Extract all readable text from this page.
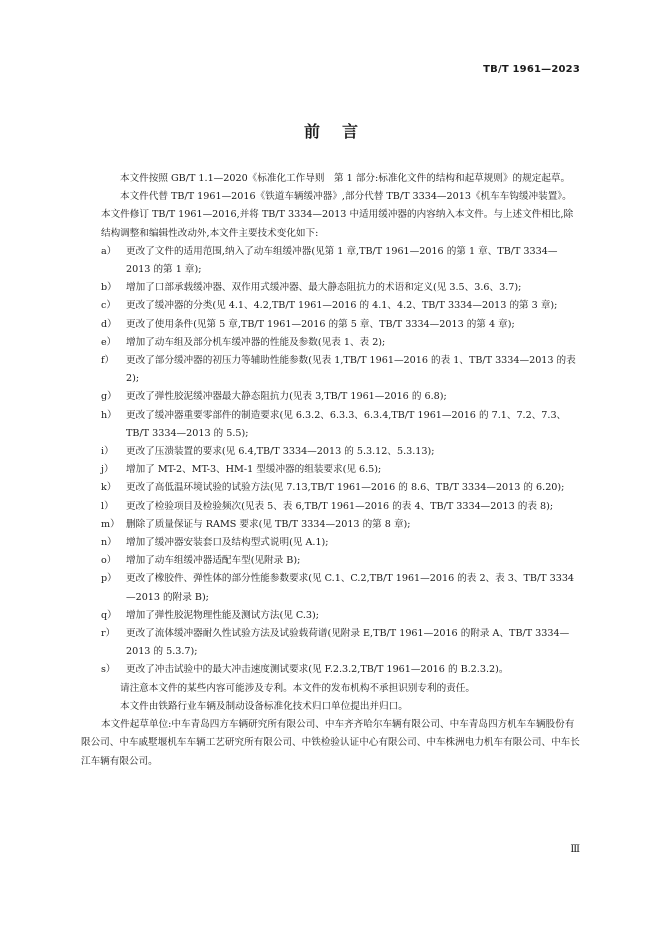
TB/T 1961—2023
前言

本文件按照 GB/T 1.1—2020《标准化工作导则　第 1 部分:标准化文件的结构和起草规则》的规定起草。

本文件代替 TB/T 1961—2016《铁道车辆缓冲器》,部分代替 TB/T 3334—2013《机车车钩缓冲装置》。本文件修订 TB/T 1961—2016,并将 TB/T 3334—2013 中适用缓冲器的内容纳入本文件。与上述文件相比,除结构调整和编辑性改动外,本文件主要技术变化如下:

a）	更改了文件的适用范围,纳入了动车组缓冲器(见第 1 章,TB/T 1961—2016 的第 1 章、TB/T 3334—2013 的第 1 章);
b） 增加了口部承载缓冲器、双作用式缓冲器、最大静态阻抗力的术语和定义(见 3.5、3.6、3.7);
c）	更改了缓冲器的分类(见 4.1、4.2,TB/T 1961—2016 的 4.1、4.2、TB/T 3334—2013 的第 3 章);
d） 更改了使用条件(见第 5 章,TB/T 1961—2016 的第 5 章、TB/T 3334—2013 的第 4 章);
e）	增加了动车组及部分机车缓冲器的性能及参数(见表 1、表 2);
f）	更改了部分缓冲器的初压力等辅助性能参数(见表 1,TB/T 1961—2016 的表 1、TB/T 3334—2013 的表 2);
g） 更改了弹性胶泥缓冲器最大静态阻抗力(见表 3,TB/T 1961—2016 的 6.8);
h） 更改了缓冲器重要零部件的制造要求(见 6.3.2、6.3.3、6.3.4,TB/T 1961—2016 的 7.1、7.2、7.3、TB/T 3334—2013 的 5.5);
i）	更改了压溃装置的要求(见 6.4,TB/T 3334—2013 的 5.3.12、5.3.13);
j）	增加了 MT-2、MT-3、HM-1 型缓冲器的组装要求(见 6.5);
k） 更改了高低温环境试验的试验方法(见 7.13,TB/T 1961—2016 的 8.6、TB/T 3334—2013 的 6.20);
l）	更改了检验项目及检验频次(见表 5、表 6,TB/T 1961—2016 的表 4、TB/T 3334—2013 的表 8);
m） 删除了质量保证与 RAMS 要求(见 TB/T 3334—2013 的第 8 章);
n） 增加了缓冲器安装套口及结构型式说明(见 A.1);
o）	增加了动车组缓冲器适配车型(见附录 B);
p） 更改了橡胶件、弹性体的部分性能参数要求(见 C.1、C.2,TB/T 1961—2016 的表 2、表 3、TB/T 3334—2013 的附录 B);
q） 增加了弹性胶泥物理性能及测试方法(见 C.3);
r）	更改了流体缓冲器耐久性试验方法及试验载荷谱(见附录 E,TB/T 1961—2016 的附录 A、TB/T 3334—2013 的 5.3.7);
s）	更改了冲击试验中的最大冲击速度测试要求(见 F.2.3.2,TB/T 1961—2016 的 B.2.3.2)。

请注意本文件的某些内容可能涉及专利。本文件的发布机构不承担识别专利的责任。

本文件由铁路行业车辆及制动设备标准化技术归口单位提出并归口。

本文件起草单位:中车青岛四方车辆研究所有限公司、中车齐齐哈尔车辆有限公司、中车青岛四方机车车辆股份有限公司、中车戚墅堰机车车辆工艺研究所有限公司、中铁检验认证中心有限公司、中车株洲电力机车有限公司、中车长江车辆有限公司。

Ⅲ
